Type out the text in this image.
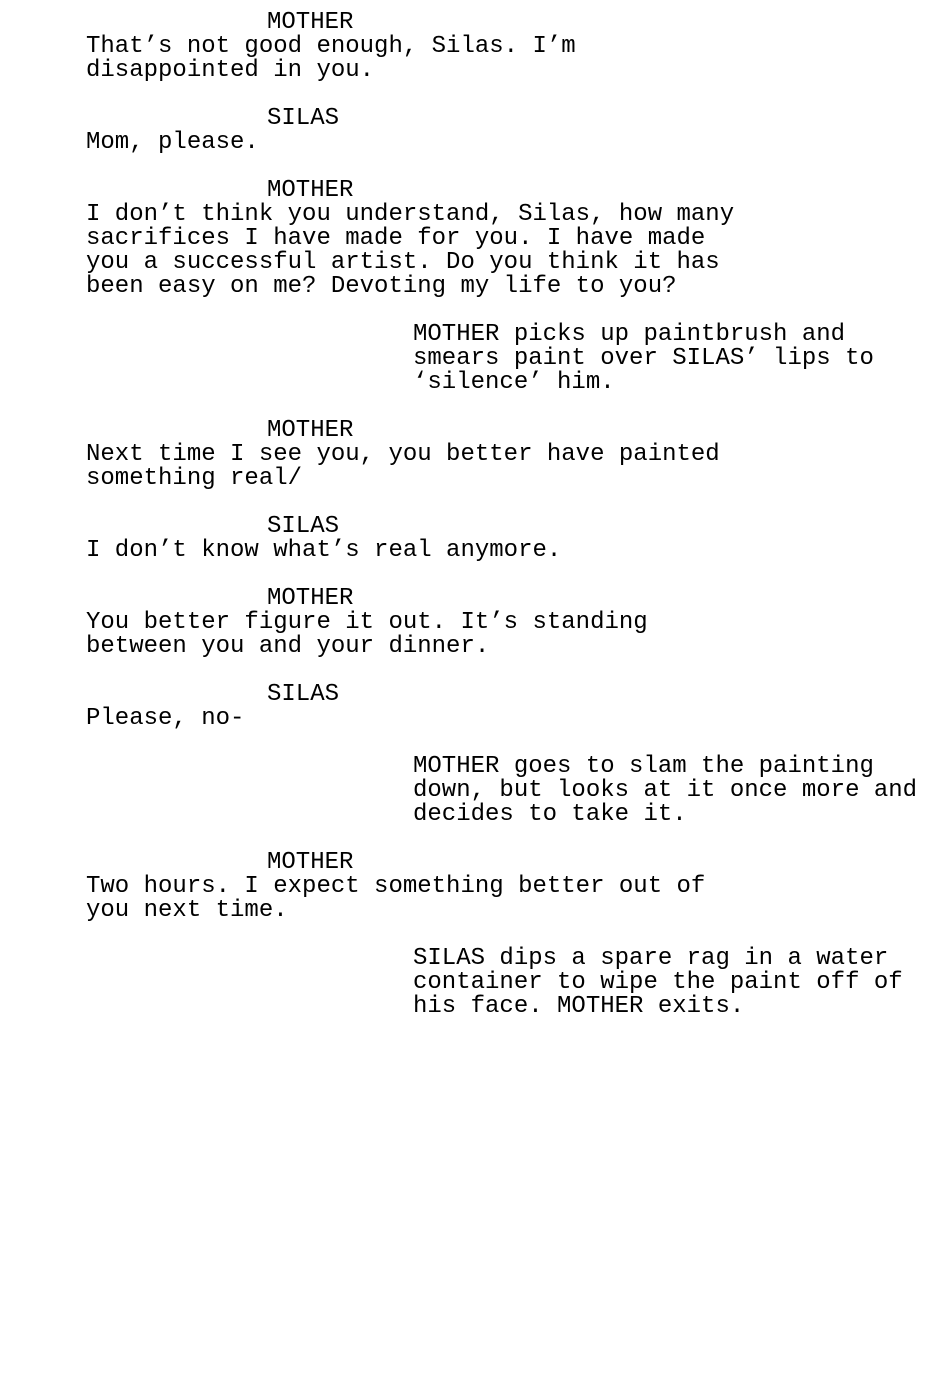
MOTHER
That’s not good enough, Silas. I’m
disappointed in you.
SILAS
Mom, please.
MOTHER
I don’t think you understand, Silas, how many
sacrifices I have made for you. I have made
you a successful artist. Do you think it has
been easy on me? Devoting my life to you?
MOTHER picks up paintbrush and
smears paint over SILAS’ lips to
‘silence’ him.
MOTHER
Next time I see you, you better have painted
something real/
SILAS
I don’t know what’s real anymore.
MOTHER
You better figure it out. It’s standing
between you and your dinner.
SILAS
Please, no-
MOTHER goes to slam the painting
down, but looks at it once more and
decides to take it.
MOTHER
Two hours. I expect something better out of
you next time.
SILAS dips a spare rag in a water
container to wipe the paint off of
his face. MOTHER exits.
